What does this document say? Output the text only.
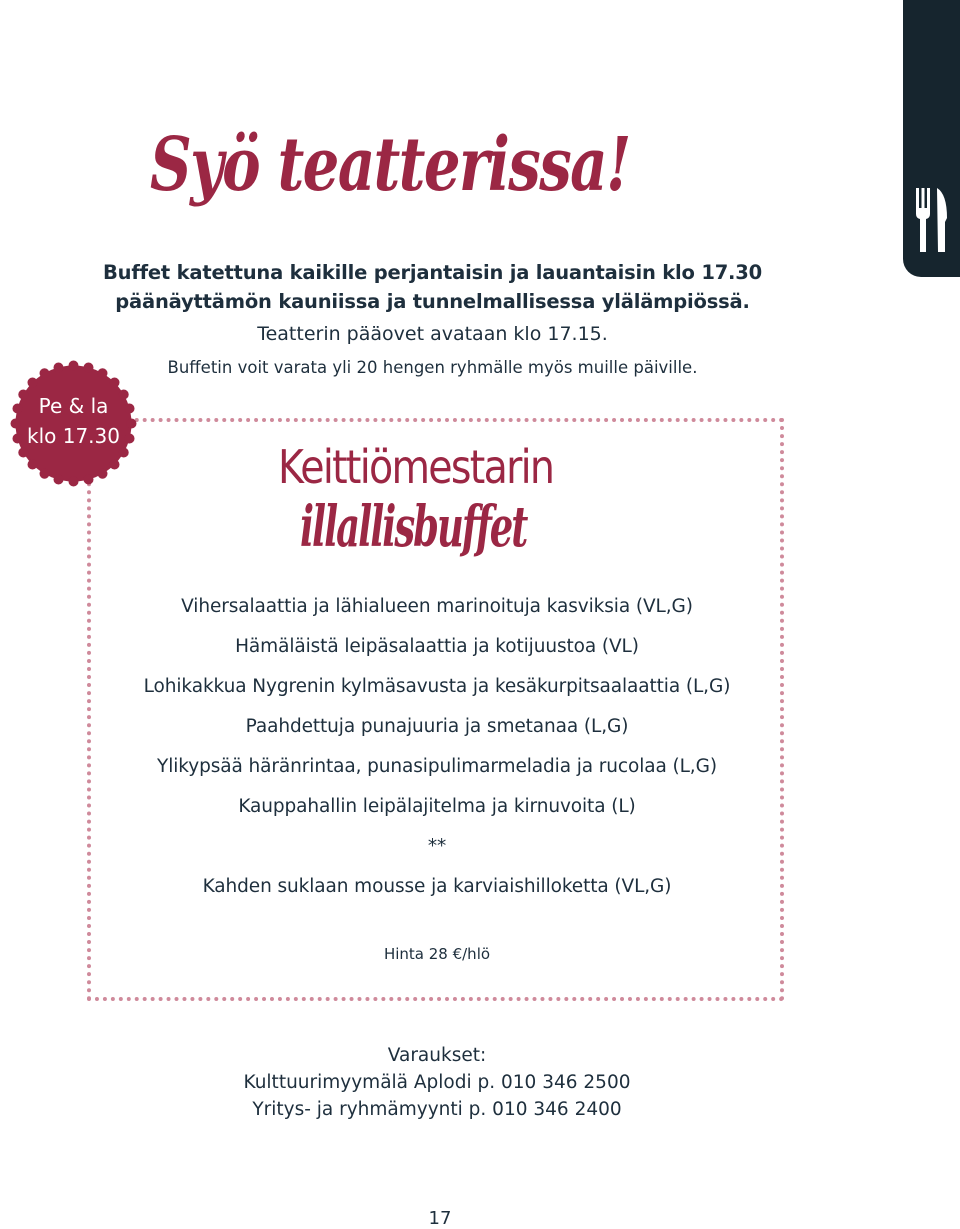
Syö teatterissa!
Buffet katettuna kaikille perjantaisin ja lauantaisin klo 17.30
päänäyttämön kauniissa ja tunnelmallisessa ylälämpiössä.
Teatterin pääovet avataan klo 17.15.
Buffetin voit varata yli 20 hengen ryhmälle myös muille päiville.
Pe & la
klo 17.30
Keittiömestarin
illallisbuffet
Vihersalaattia ja lähialueen marinoituja kasviksia (VL,G)
Hämäläistä leipäsalaattia ja kotijuustoa (VL)
Lohikakkua Nygrenin kylmäsavusta ja kesäkurpitsaalaattia (L,G)
Paahdettuja punajuuria ja smetanaa (L,G)
Ylikypsää häränrintaa, punasipulimarmeladia ja rucolaa (L,G)
Kauppahallin leipälajitelma ja kirnuvoita (L)
**
Kahden suklaan mousse ja karviaishilloketta (VL,G)
Hinta 28 €/hlö
Varaukset:
Kulttuurimyymälä Aplodi p. 010 346 2500
Yritys- ja ryhmämyynti p. 010 346 2400
17
